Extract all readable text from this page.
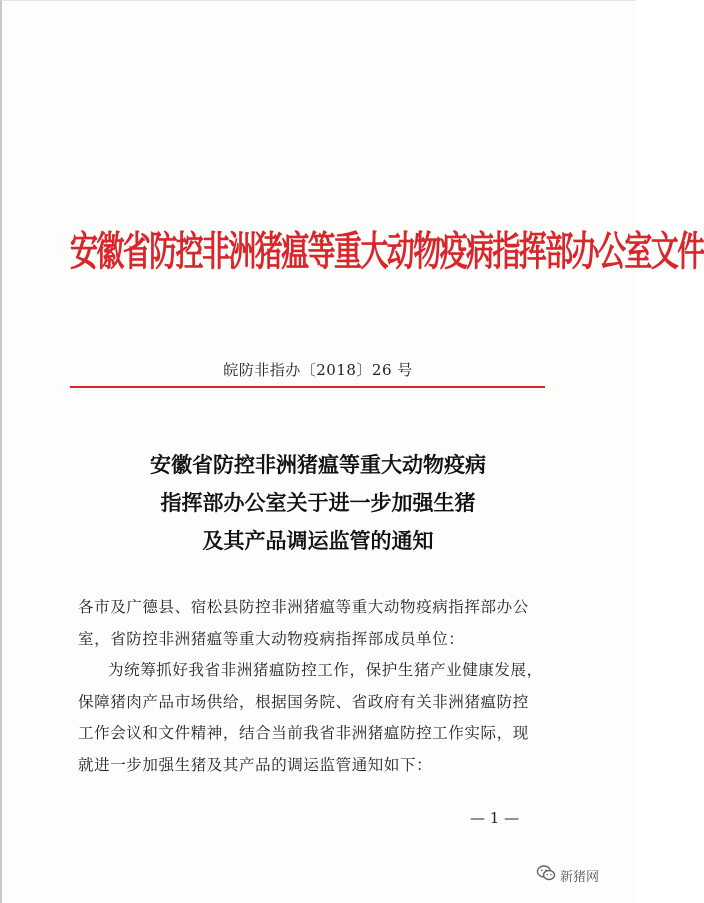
安徽省防控非洲猪瘟等重大动物疫病指挥部办公室文件
皖防非指办〔2018〕26 号
安徽省防控非洲猪瘟等重大动物疫病
指挥部办公室关于进一步加强生猪
及其产品调运监管的通知
各市及广德县、宿松县防控非洲猪瘟等重大动物疫病指挥部办公
室，省防控非洲猪瘟等重大动物疫病指挥部成员单位：
为统筹抓好我省非洲猪瘟防控工作，保护生猪产业健康发展，
保障猪肉产品市场供给，根据国务院、省政府有关非洲猪瘟防控
工作会议和文件精神，结合当前我省非洲猪瘟防控工作实际，现
就进一步加强生猪及其产品的调运监管通知如下：
— 1 —
新猪网
